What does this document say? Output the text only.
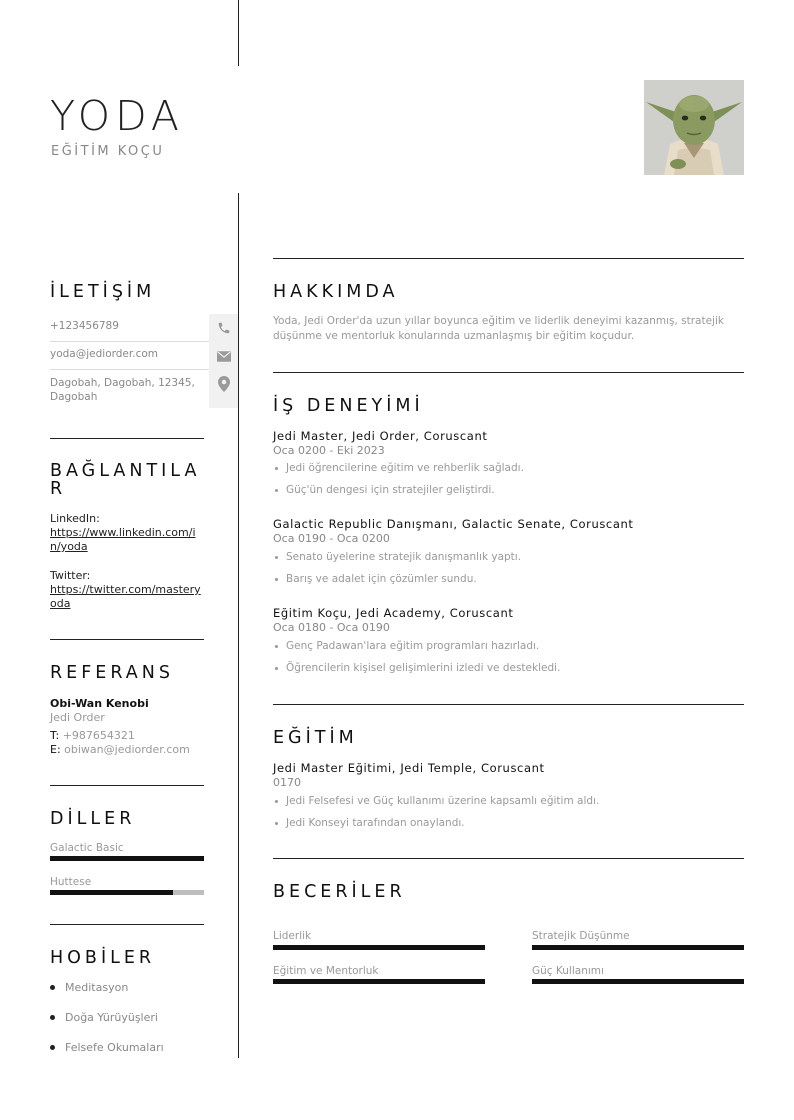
YODA
EĞİTİM KOÇU
İLETİŞİM
+123456789
yoda@jediorder.com
Dagobah, Dagobah, 12345, Dagobah
BAĞLANTILAR
LinkedIn:
https://www.linkedin.com/in/yoda
Twitter:
https://twitter.com/masteryoda
REFERANS
Obi-Wan Kenobi
Jedi Order
T: +987654321
E: obiwan@jediorder.com
DİLLER
Galactic Basic
Huttese
HOBİLER
Meditasyon
Doğa Yürüyüşleri
Felsefe Okumaları
HAKKIMDA
Yoda, Jedi Order'da uzun yıllar boyunca eğitim ve liderlik deneyimi kazanmış, stratejik düşünme ve mentorluk konularında uzmanlaşmış bir eğitim koçudur.
İŞ DENEYİMİ
Jedi Master, Jedi Order, Coruscant
Oca 0200 - Eki 2023
Jedi öğrencilerine eğitim ve rehberlik sağladı.
Güç'ün dengesi için stratejiler geliştirdi.
Galactic Republic Danışmanı, Galactic Senate, Coruscant
Oca 0190 - Oca 0200
Senato üyelerine stratejik danışmanlık yaptı.
Barış ve adalet için çözümler sundu.
Eğitim Koçu, Jedi Academy, Coruscant
Oca 0180 - Oca 0190
Genç Padawan'lara eğitim programları hazırladı.
Öğrencilerin kişisel gelişimlerini izledi ve destekledi.
EĞİTİM
Jedi Master Eğitimi, Jedi Temple, Coruscant
0170
Jedi Felsefesi ve Güç kullanımı üzerine kapsamlı eğitim aldı.
Jedi Konseyi tarafından onaylandı.
BECERİLER
Liderlik	Stratejik Düşünme
Eğitim ve Mentorluk	Güç Kullanımı
